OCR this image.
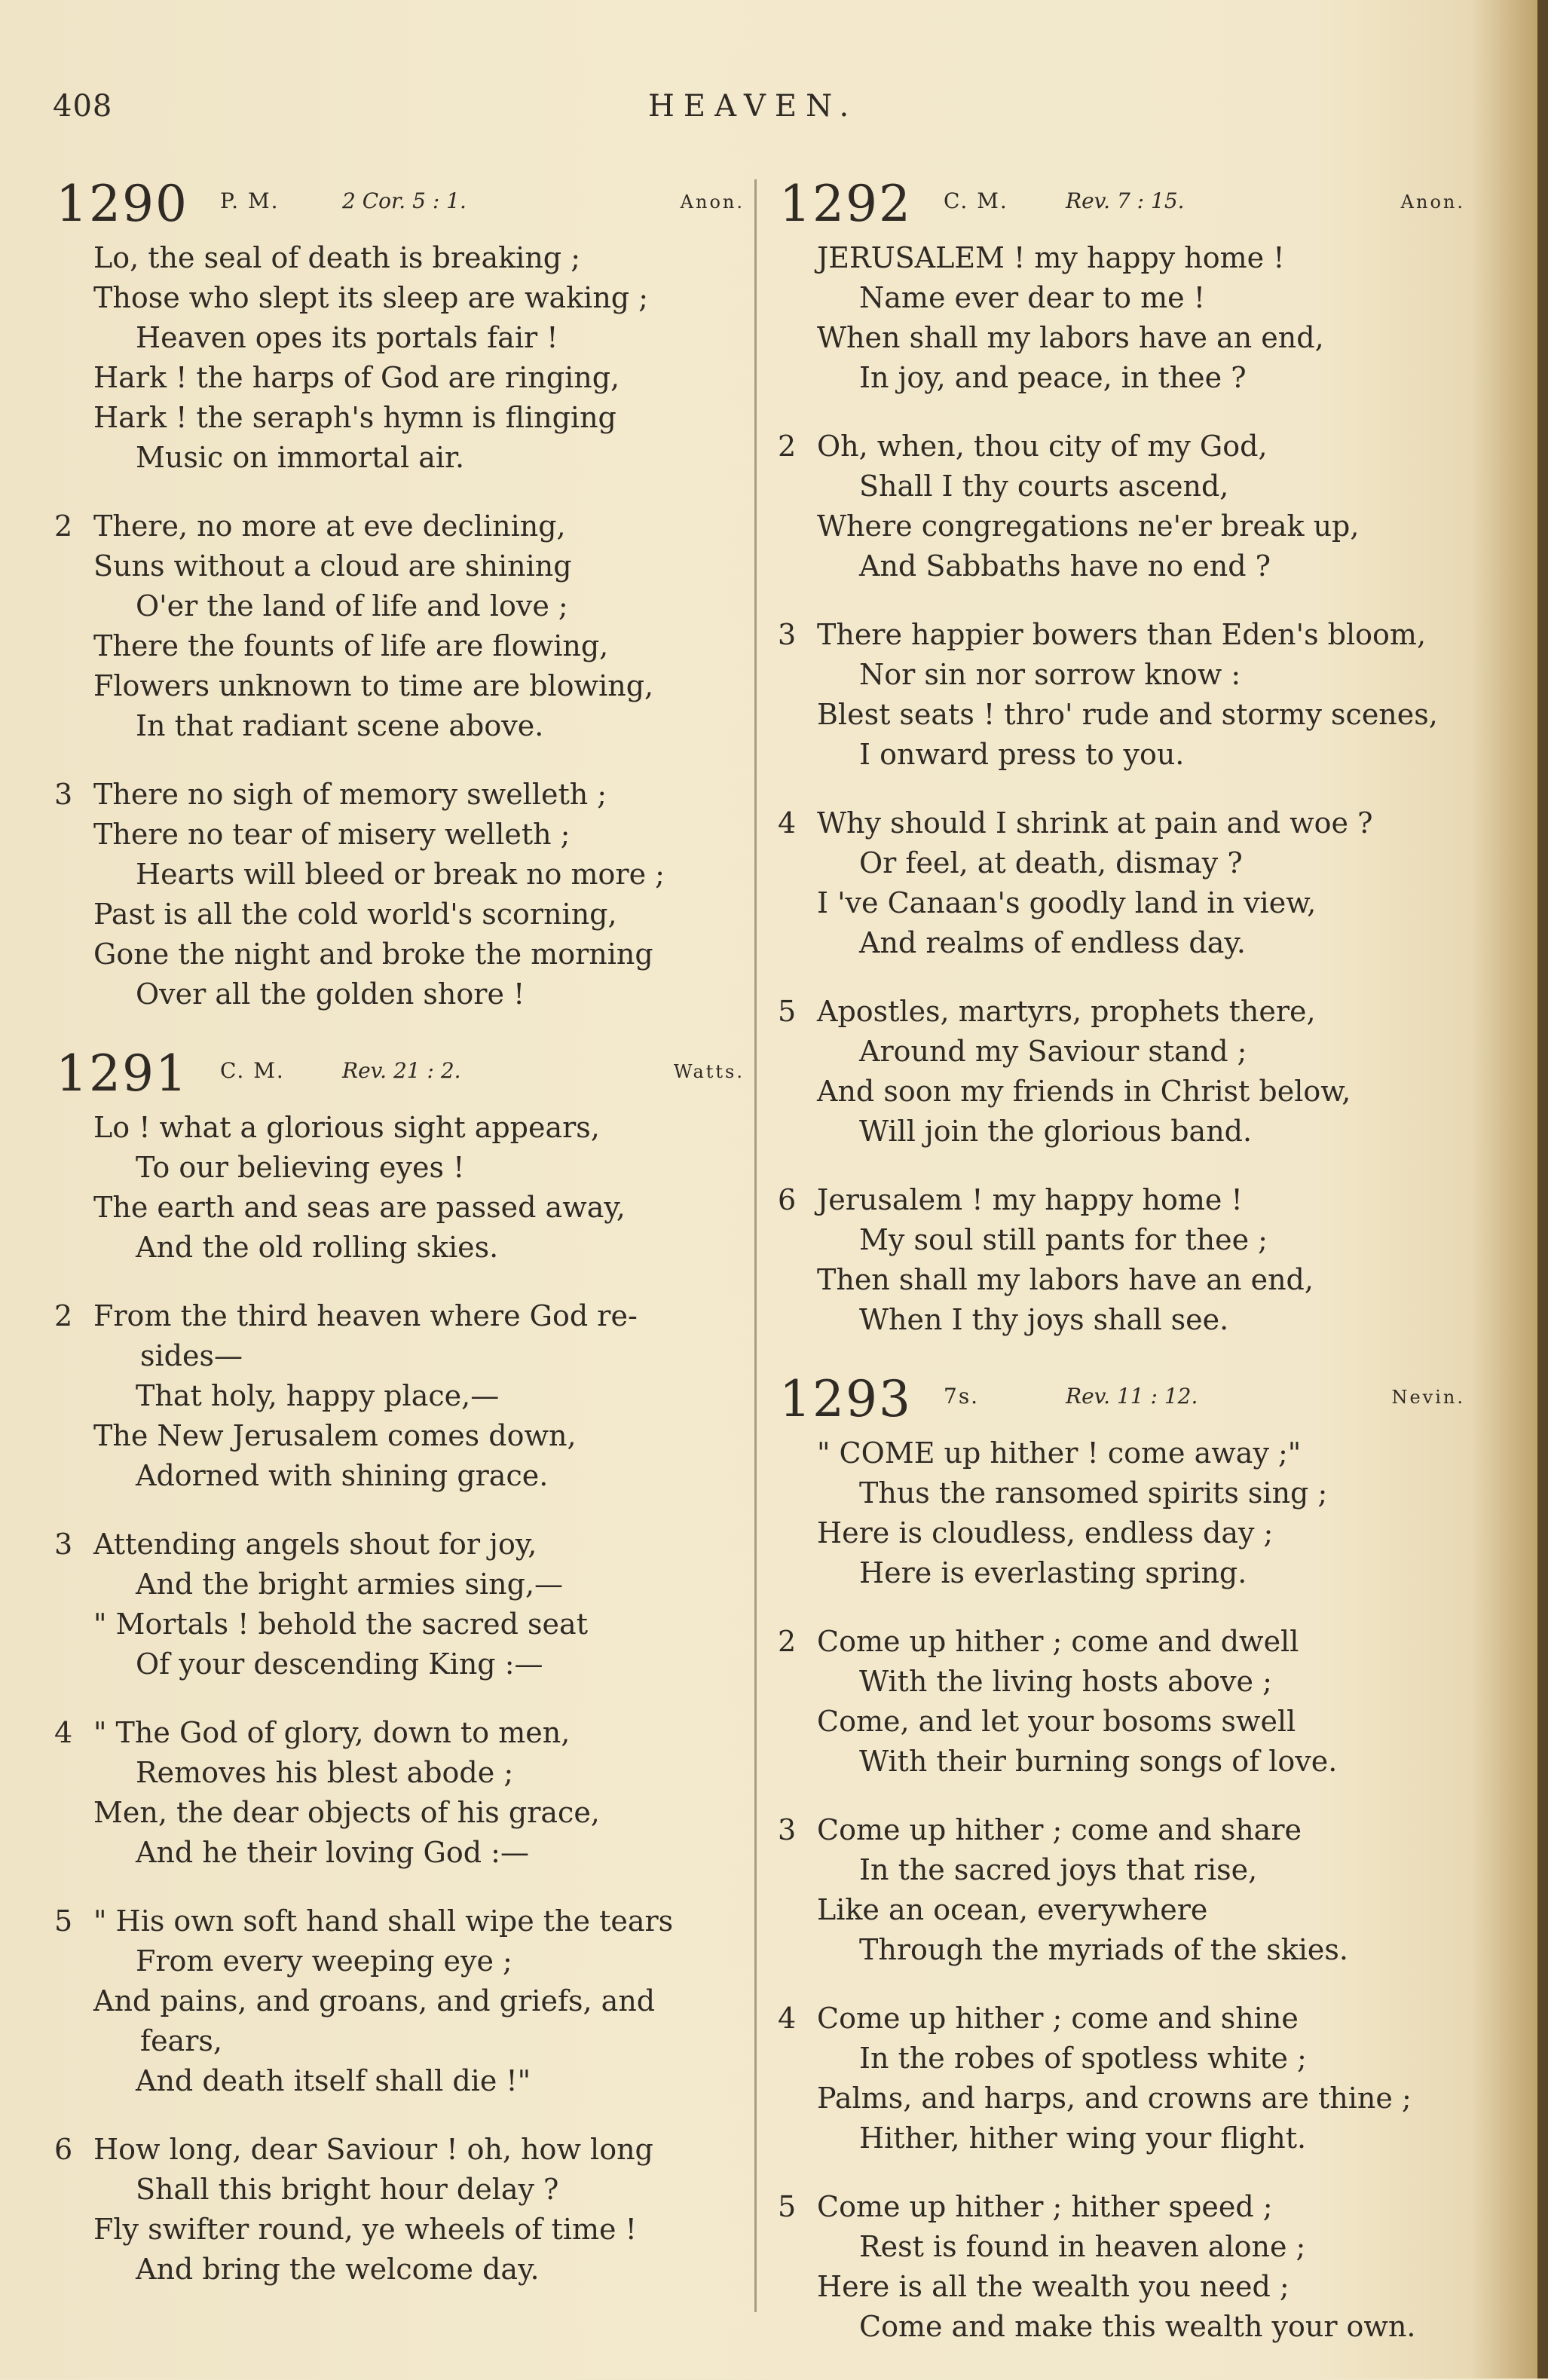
408	HEAVEN.
1290 P. M.	2 Cor. 5 : 1.	Anon.
Lo, the seal of death is breaking ;
Those who slept its sleep are waking ;
Heaven opes its portals fair !
Hark ! the harps of God are ringing,
Hark ! the seraph's hymn is flinging
Music on immortal air.
2 There, no more at eve declining,
Suns without a cloud are shining
O'er the land of life and love ;
There the founts of life are flowing,
Flowers unknown to time are blowing,
In that radiant scene above.
3 There no sigh of memory swelleth ;
There no tear of misery welleth ;
Hearts will bleed or break no more ;
Past is all the cold world's scorning,
Gone the night and broke the morning
Over all the golden shore !
1291 C. M.	Rev. 21 : 2.	Watts.
Lo ! what a glorious sight appears,
To our believing eyes !
The earth and seas are passed away,
And the old rolling skies.
2 From the third heaven where God re-
sides—
That holy, happy place,—
The New Jerusalem comes down,
Adorned with shining grace.
3 Attending angels shout for joy,
And the bright armies sing,—
" Mortals ! behold the sacred seat
Of your descending King :—
4 " The God of glory, down to men,
Removes his blest abode ;
Men, the dear objects of his grace,
And he their loving God :—
5 " His own soft hand shall wipe the tears
From every weeping eye ;
And pains, and groans, and griefs, and
fears,
And death itself shall die !"
6 How long, dear Saviour ! oh, how long
Shall this bright hour delay ?
Fly swifter round, ye wheels of time !
And bring the welcome day.
1292 C. M.	Rev. 7 : 15.	Anon.
JERUSALEM ! my happy home !
Name ever dear to me !
When shall my labors have an end,
In joy, and peace, in thee ?
2 Oh, when, thou city of my God,
Shall I thy courts ascend,
Where congregations ne'er break up,
And Sabbaths have no end ?
3 There happier bowers than Eden's bloom,
Nor sin nor sorrow know :
Blest seats ! thro' rude and stormy scenes,
I onward press to you.
4 Why should I shrink at pain and woe ?
Or feel, at death, dismay ?
I 've Canaan's goodly land in view,
And realms of endless day.
5 Apostles, martyrs, prophets there,
Around my Saviour stand ;
And soon my friends in Christ below,
Will join the glorious band.
6 Jerusalem ! my happy home !
My soul still pants for thee ;
Then shall my labors have an end,
When I thy joys shall see.
1293 7s.	Rev. 11 : 12.	Nevin.
" COME up hither ! come away ;"
Thus the ransomed spirits sing ;
Here is cloudless, endless day ;
Here is everlasting spring.
2 Come up hither ; come and dwell
With the living hosts above ;
Come, and let your bosoms swell
With their burning songs of love.
3 Come up hither ; come and share
In the sacred joys that rise,
Like an ocean, everywhere
Through the myriads of the skies.
4 Come up hither ; come and shine
In the robes of spotless white ;
Palms, and harps, and crowns are thine ;
Hither, hither wing your flight.
5 Come up hither ; hither speed ;
Rest is found in heaven alone ;
Here is all the wealth you need ;
Come and make this wealth your own.
